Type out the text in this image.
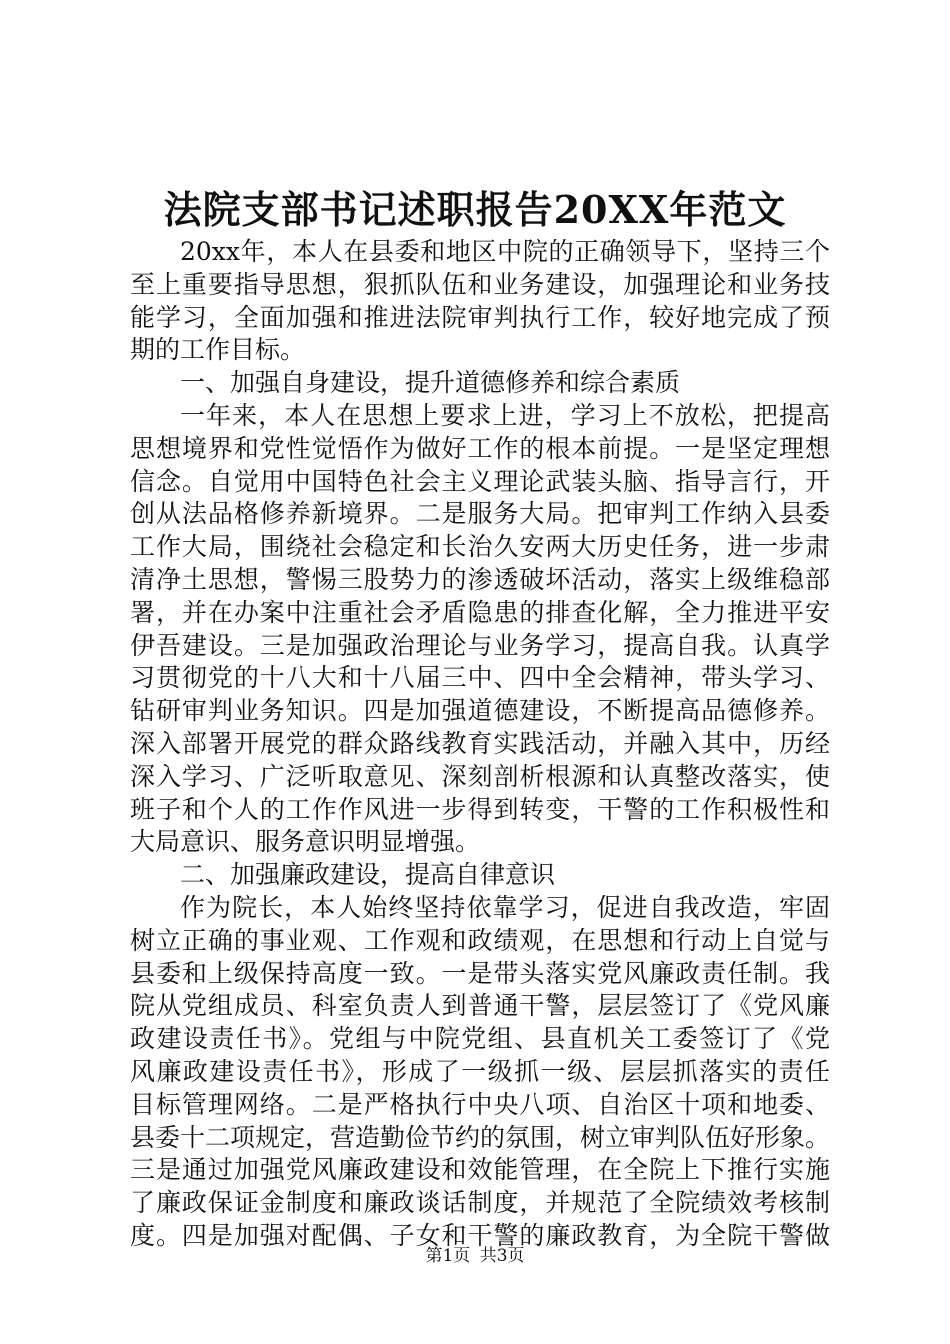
法院支部书记述职报告20XX年范文
20xx年，本人在县委和地区中院的正确领导下，坚持三个
至上重要指导思想，狠抓队伍和业务建设，加强理论和业务技
能学习，全面加强和推进法院审判执行工作，较好地完成了预
期的工作目标。
一、加强自身建设，提升道德修养和综合素质
一年来，本人在思想上要求上进，学习上不放松，把提高
思想境界和党性觉悟作为做好工作的根本前提。一是坚定理想
信念。自觉用中国特色社会主义理论武装头脑、指导言行，开
创从法品格修养新境界。二是服务大局。把审判工作纳入县委
工作大局，围绕社会稳定和长治久安两大历史任务，进一步肃
清净土思想，警惕三股势力的渗透破坏活动，落实上级维稳部
署，并在办案中注重社会矛盾隐患的排查化解，全力推进平安
伊吾建设。三是加强政治理论与业务学习，提高自我。认真学
习贯彻党的十八大和十八届三中、四中全会精神，带头学习、
钻研审判业务知识。四是加强道德建设，不断提高品德修养。
深入部署开展党的群众路线教育实践活动，并融入其中，历经
深入学习、广泛听取意见、深刻剖析根源和认真整改落实，使
班子和个人的工作作风进一步得到转变，干警的工作积极性和
大局意识、服务意识明显增强。
二、加强廉政建设，提高自律意识
作为院长，本人始终坚持依靠学习，促进自我改造，牢固
树立正确的事业观、工作观和政绩观，在思想和行动上自觉与
县委和上级保持高度一致。一是带头落实党风廉政责任制。我
院从党组成员、科室负责人到普通干警，层层签订了《党风廉
政建设责任书》。党组与中院党组、县直机关工委签订了《党
风廉政建设责任书》，形成了一级抓一级、层层抓落实的责任
目标管理网络。二是严格执行中央八项、自治区十项和地委、
县委十二项规定，营造勤俭节约的氛围，树立审判队伍好形象。
三是通过加强党风廉政建设和效能管理，在全院上下推行实施
了廉政保证金制度和廉政谈话制度，并规范了全院绩效考核制
度。四是加强对配偶、子女和干警的廉政教育，为全院干警做
第1页 共3页
